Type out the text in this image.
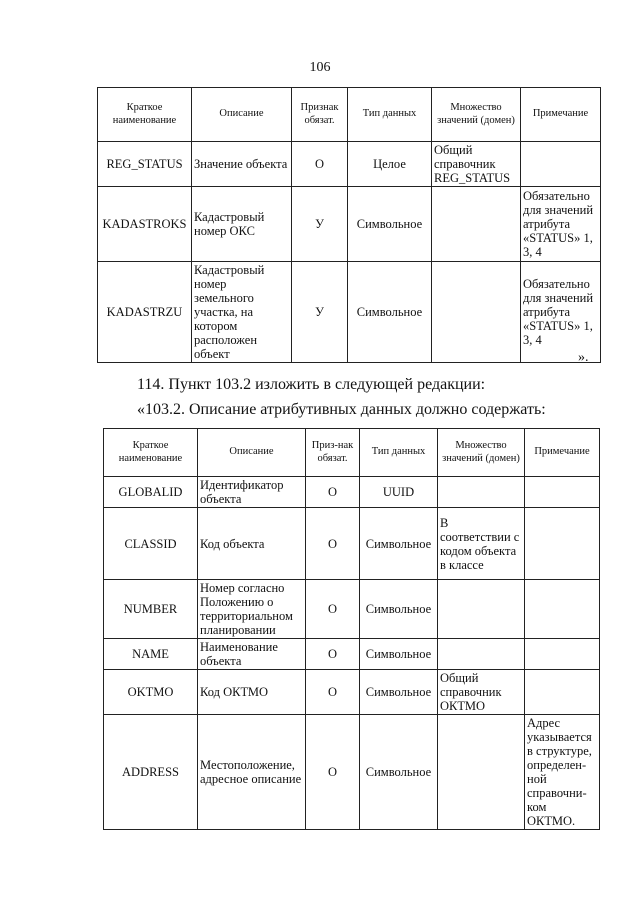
106
Краткое наименование	Описание	Признак обязат.	Тип данных	Множество значений (домен)	Примечание
REG_STATUS	Значение объекта	О	Целое	Общий справочник REG_STATUS	
KADASTROKS	Кадастровый номер ОКС	У	Символьное		Обязательно для значений атрибута «STATUS» 1, 3, 4
KADASTRZU	Кадастровый номер земельного участка, на котором расположен объект	У	Символьное		Обязательно для значений атрибута «STATUS» 1, 3, 4
».
114. Пункт 103.2 изложить в следующей редакции:
«103.2. Описание атрибутивных данных должно содержать:
Краткое наименование	Описание	Приз-нак обязат.	Тип данных	Множество значений (домен)	Примечание
GLOBALID	Идентификатор объекта	О	UUID		
CLASSID	Код объекта	О	Символьное	В соответствии с кодом объекта в классе	
NUMBER	Номер согласно Положению о территориальном планировании	О	Символьное		
NAME	Наименование объекта	О	Символьное		
OKTMO	Код ОКТМО	О	Символьное	Общий справочник ОКТМО	
ADDRESS	Местоположение, адресное описание	О	Символьное		Адрес указывается в структуре, определен-ной справочни-ком ОКТМО.
